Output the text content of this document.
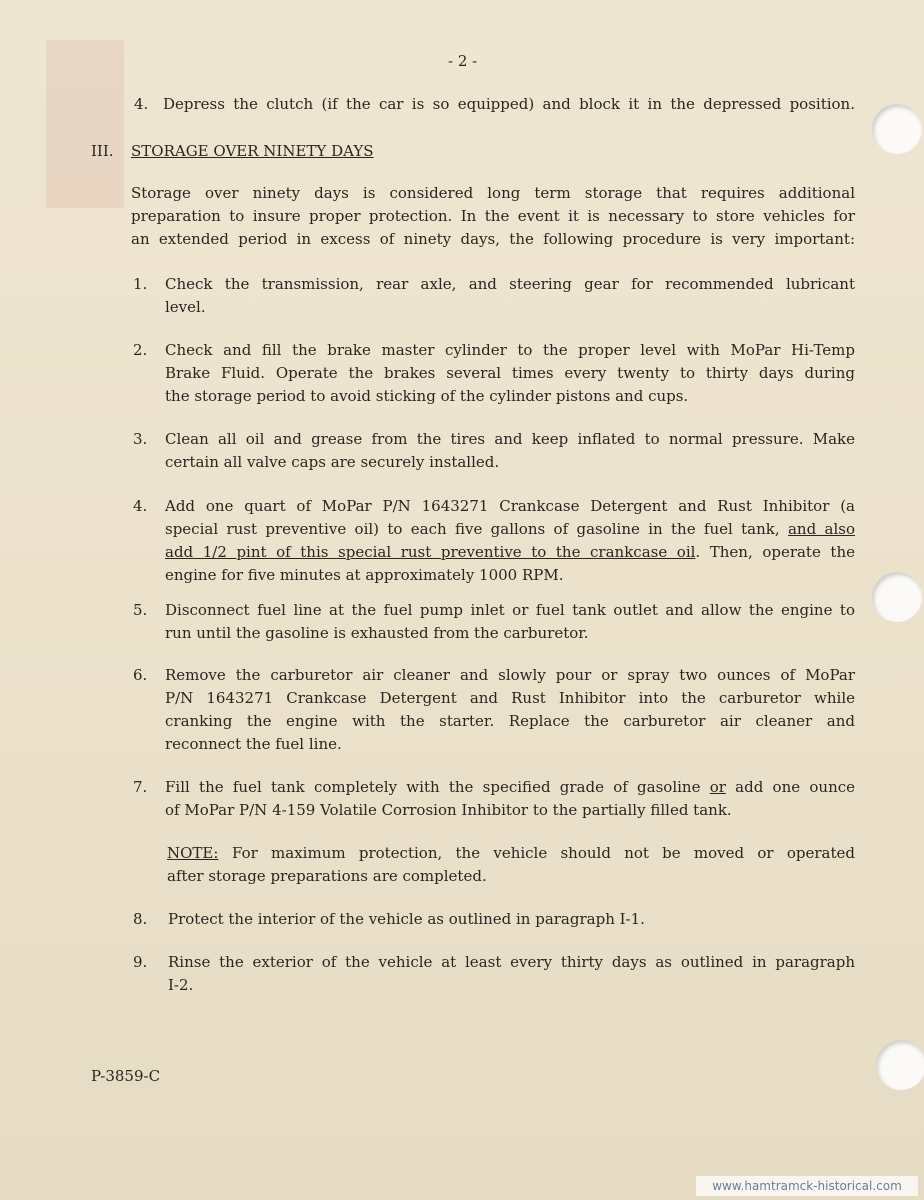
- 2 -
4. Depress the clutch (if the car is so equipped) and block it in the depressed position.
III. STORAGE OVER NINETY DAYS
Storage over ninety days is considered long term storage that requires additional
preparation to insure proper protection. In the event it is necessary to store vehicles for
an extended period in excess of ninety days, the following procedure is very important:
1. Check the transmission, rear axle, and steering gear for recommended lubricant
level.
2. Check and fill the brake master cylinder to the proper level with MoPar Hi-Temp
Brake Fluid. Operate the brakes several times every twenty to thirty days during
the storage period to avoid sticking of the cylinder pistons and cups.
3. Clean all oil and grease from the tires and keep inflated to normal pressure. Make
certain all valve caps are securely installed.
4. Add one quart of MoPar P/N 1643271 Crankcase Detergent and Rust Inhibitor (a
special rust preventive oil) to each five gallons of gasoline in the fuel tank, and also
add 1/2 pint of this special rust preventive to the crankcase oil. Then, operate the
engine for five minutes at approximately 1000 RPM.
5. Disconnect fuel line at the fuel pump inlet or fuel tank outlet and allow the engine to
run until the gasoline is exhausted from the carburetor.
6. Remove the carburetor air cleaner and slowly pour or spray two ounces of MoPar
P/N 1643271 Crankcase Detergent and Rust Inhibitor into the carburetor while
cranking the engine with the starter. Replace the carburetor air cleaner and
reconnect the fuel line.
7. Fill the fuel tank completely with the specified grade of gasoline or add one ounce
of MoPar P/N 4-159 Volatile Corrosion Inhibitor to the partially filled tank.
NOTE: For maximum protection, the vehicle should not be moved or operated
after storage preparations are completed.
8. Protect the interior of the vehicle as outlined in paragraph I-1.
9. Rinse the exterior of the vehicle at least every thirty days as outlined in paragraph
I-2.
P-3859-C
www.hamtramck-historical.com
